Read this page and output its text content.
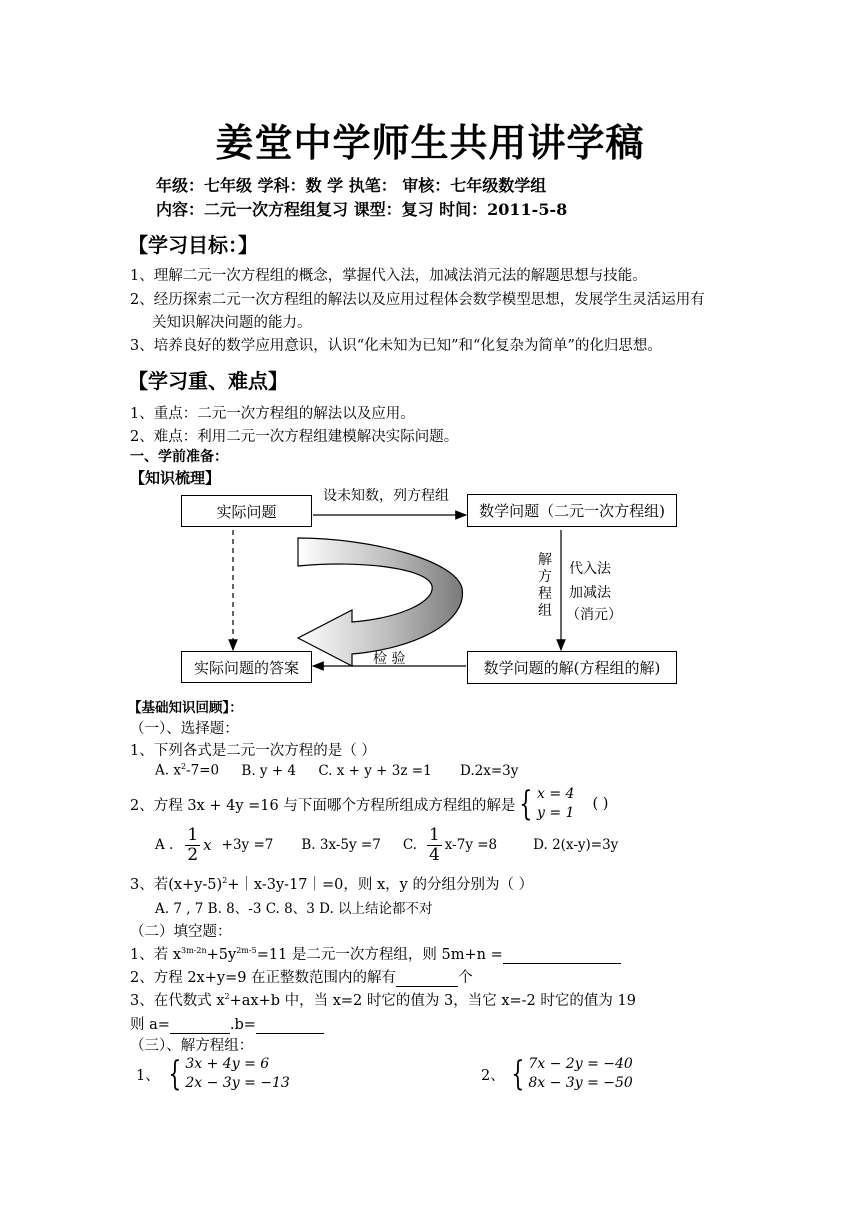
姜堂中学师生共用讲学稿
年级：七年级 学科：数 学 执笔： 审核：七年级数学组
内容：二元一次方程组复习 课型：复习 时间：2011-5-8
【学习目标：】
1、理解二元一次方程组的概念，掌握代入法，加减法消元法的解题思想与技能。
2、经历探索二元一次方程组的解法以及应用过程体会数学模型思想，发展学生灵活运用有
关知识解决问题的能力。
3、培养良好的数学应用意识，认识“化未知为已知”和“化复杂为简单”的化归思想。
【学习重、难点】
1、重点：二元一次方程组的解法以及应用。
2、难点：利用二元一次方程组建模解决实际问题。
一、学前准备：
【知识梳理】
实际问题	数学问题（二元一次方程组)
实际问题的答案	数学问题的解(方程组的解)
设未知数，列方程组
解
方
程
组
代入法
加减法
（消元）
检 验
【基础知识回顾】：
（一）、选择题：
1、下列各式是二元一次方程的是（ ）
A. $x^2-7=0$ B. y + 4 C. x + y + 3z =1 D.2x=3y
2、方程 3x + 4y =16 与下面哪个方程所组成方程组的解是 { x = 4
y = 1
( )
A . $\frac{1}{2}$ x +3y =7 B. 3x-5y =7 C. $\frac{1}{4} x-7y =8$	D. 2(x-y)=3y
3、若$(x+y-5)^2+|x-3y-17|=0$，则 x，y 的分组分别为（ ）
A. 7 , 7 B. 8、-3 C. 8、3 D. 以上结论都不对
（二）填空题：
1、若 $x^{3m-2n}+5y^{2m-5}=11$ 是二元一次方程组，则 5m+n =
2、方程 2x+y=9 在正整数范围内的解有	个
3、在代数式 $x^2+ax+b$ 中，当 x=2 时它的值为 3，当它 x=-2 时它的值为 19
则 a=	.b=
（三）、解方程组：
1、 { 3x + 4y = 6
2x − 3y = −13	2、 { 7x − 2y = −40
8x − 3y = −50
